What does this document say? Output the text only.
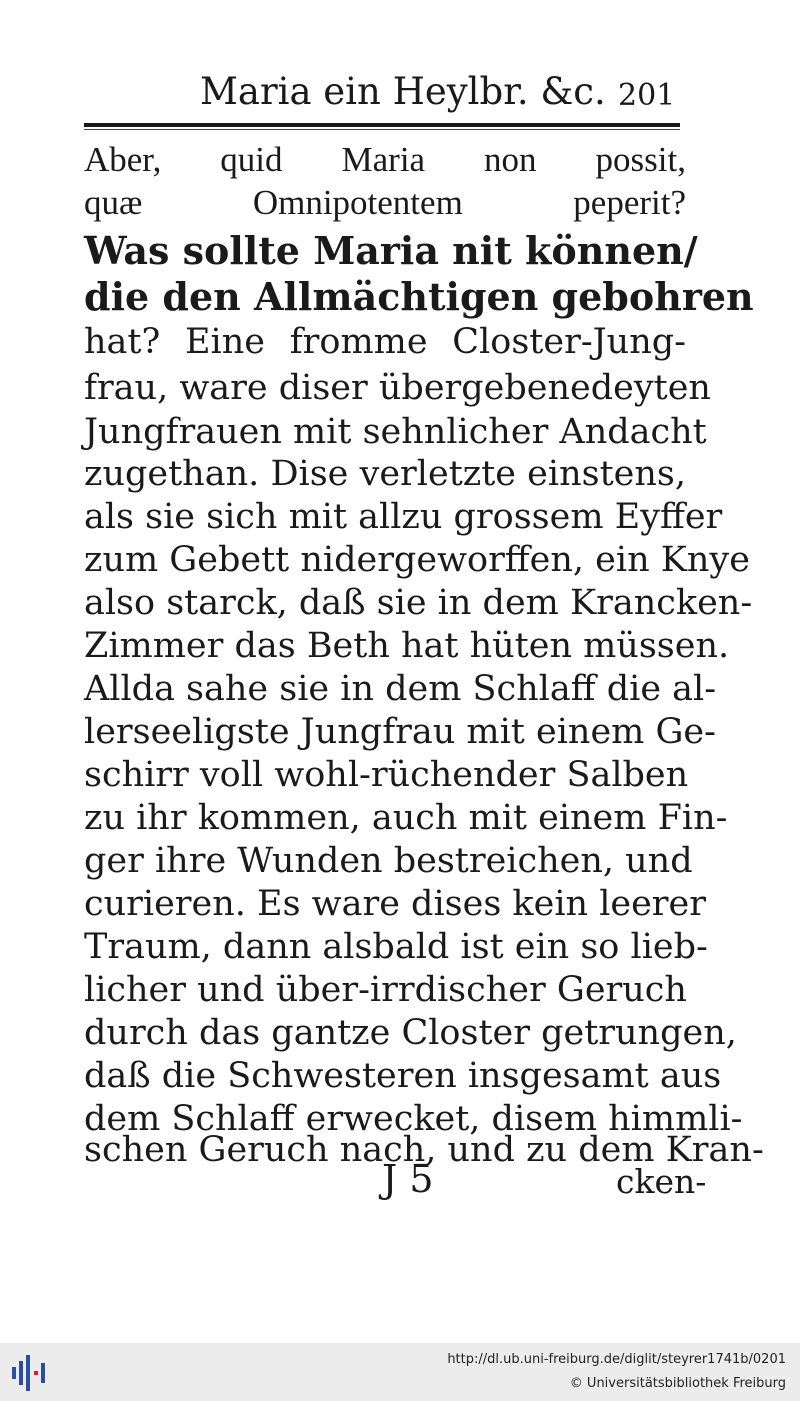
Maria ein Heylbr. &c. 201
Aber, quid Maria non possit,
quæ Omnipotentem peperit?
Was sollte Maria nit können/
die den Allmächtigen gebohren
hat? Eine fromme Closter-Jung-
frau, ware diser übergebenedeyten
Jungfrauen mit sehnlicher Andacht
zugethan. Dise verletzte einstens,
als sie sich mit allzu grossem Eyffer
zum Gebett nidergeworffen, ein Knye
also starck, daß sie in dem Krancken-
Zimmer das Beth hat hüten müssen.
Allda sahe sie in dem Schlaff die al-
lerseeligste Jungfrau mit einem Ge-
schirr voll wohl-rüchender Salben
zu ihr kommen, auch mit einem Fin-
ger ihre Wunden bestreichen, und
curieren. Es ware dises kein leerer
Traum, dann alsbald ist ein so lieb-
licher und über-irrdischer Geruch
durch das gantze Closter getrungen,
daß die Schwesteren insgesamt aus
dem Schlaff erwecket, disem himmli-
schen Geruch nach, und zu dem Kran-
J 5	cken-
http://dl.ub.uni-freiburg.de/diglit/steyrer1741b/0201
© Universitätsbibliothek Freiburg
